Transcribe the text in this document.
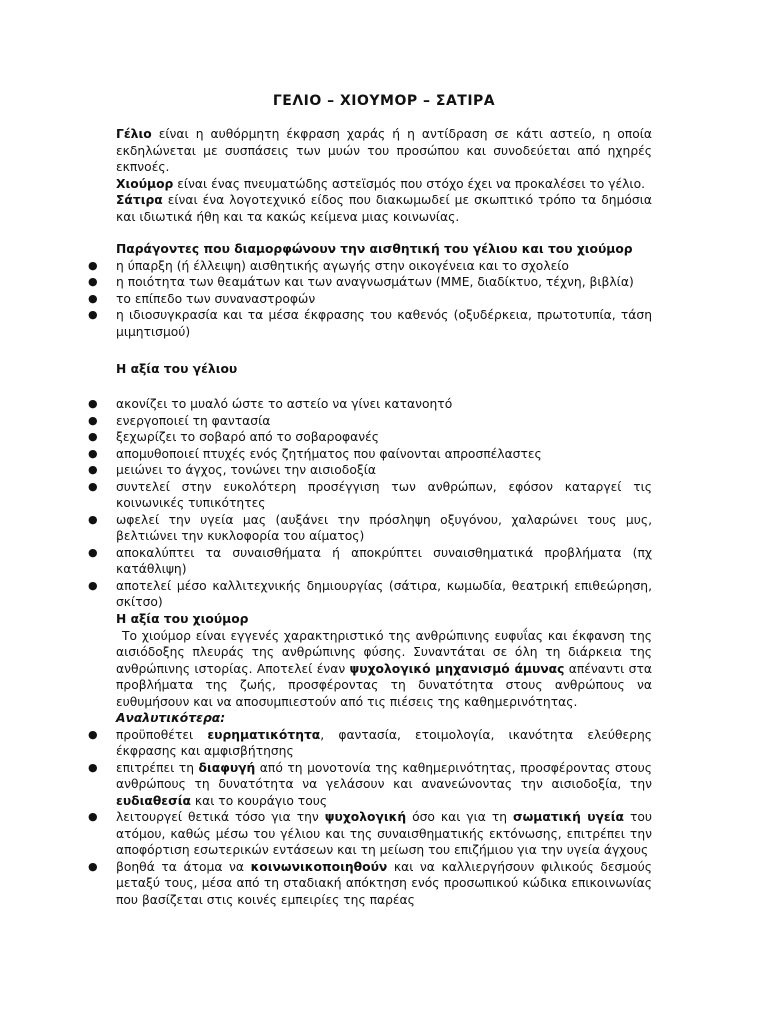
ΓΕΛΙΟ – ΧΙΟΥΜΟΡ – ΣΑΤΙΡΑ

Γέλιο είναι η αυθόρμητη έκφραση χαράς ή η αντίδραση σε κάτι αστείο, η οποία εκδηλώνεται με συσπάσεις των μυών του προσώπου και συνοδεύεται από ηχηρές εκπνοές.

Χιούμορ είναι ένας πνευματώδης αστεϊσμός που στόχο έχει να προκαλέσει το γέλιο.

Σάτιρα είναι ένα λογοτεχνικό είδος που διακωμωδεί με σκωπτικό τρόπο τα δημόσια και ιδιωτικά ήθη και τα κακώς κείμενα μιας κοινωνίας.

Παράγοντες που διαμορφώνουν την αισθητική του γέλιου και του χιούμορ

● η ύπαρξη (ή έλλειψη) αισθητικής αγωγής στην οικογένεια και το σχολείο
● η ποιότητα των θεαμάτων και των αναγνωσμάτων (ΜΜΕ, διαδίκτυο, τέχνη, βιβλία)
● το επίπεδο των συναναστροφών
● η ιδιοσυγκρασία και τα μέσα έκφρασης του καθενός (οξυδέρκεια, πρωτοτυπία, τάση μιμητισμού)

Η αξία του γέλιου

● ακονίζει το μυαλό ώστε το αστείο να γίνει κατανοητό
● ενεργοποιεί τη φαντασία
● ξεχωρίζει το σοβαρό από το σοβαροφανές
● απομυθοποιεί πτυχές ενός ζητήματος που φαίνονται απροσπέλαστες
● μειώνει το άγχος, τονώνει την αισιοδοξία
● συντελεί στην ευκολότερη προσέγγιση των ανθρώπων, εφόσον καταργεί τις κοινωνικές τυπικότητες
● ωφελεί την υγεία μας (αυξάνει την πρόσληψη οξυγόνου, χαλαρώνει τους μυς, βελτιώνει την κυκλοφορία του αίματος)
● αποκαλύπτει τα συναισθήματα ή αποκρύπτει συναισθηματικά προβλήματα (πχ κατάθλιψη)
● αποτελεί μέσο καλλιτεχνικής δημιουργίας (σάτιρα, κωμωδία, θεατρική επιθεώρηση, σκίτσο)

Η αξία του χιούμορ

Το χιούμορ είναι εγγενές χαρακτηριστικό της ανθρώπινης ευφυΐας και έκφανση της αισιόδοξης πλευράς της ανθρώπινης φύσης. Συναντάται σε όλη τη διάρκεια της ανθρώπινης ιστορίας. Αποτελεί έναν ψυχολογικό μηχανισμό άμυνας απέναντι στα προβλήματα της ζωής, προσφέροντας τη δυνατότητα στους ανθρώπους να ευθυμήσουν και να αποσυμπιεστούν από τις πιέσεις της καθημερινότητας.

Αναλυτικότερα:

● προϋποθέτει ευρηματικότητα, φαντασία, ετοιμολογία, ικανότητα ελεύθερης έκφρασης και αμφισβήτησης
● επιτρέπει τη διαφυγή από τη μονοτονία της καθημερινότητας, προσφέροντας στους ανθρώπους τη δυνατότητα να γελάσουν και ανανεώνοντας την αισιοδοξία, την ευδιαθεσία και το κουράγιο τους
● λειτουργεί θετικά τόσο για την ψυχολογική όσο και για τη σωματική υγεία του ατόμου, καθώς μέσω του γέλιου και της συναισθηματικής εκτόνωσης, επιτρέπει την αποφόρτιση εσωτερικών εντάσεων και τη μείωση του επιζήμιου για την υγεία άγχους
● βοηθά τα άτομα να κοινωνικοποιηθούν και να καλλιεργήσουν φιλικούς δεσμούς μεταξύ τους, μέσα από τη σταδιακή απόκτηση ενός προσωπικού κώδικα επικοινωνίας που βασίζεται στις κοινές εμπειρίες της παρέας
